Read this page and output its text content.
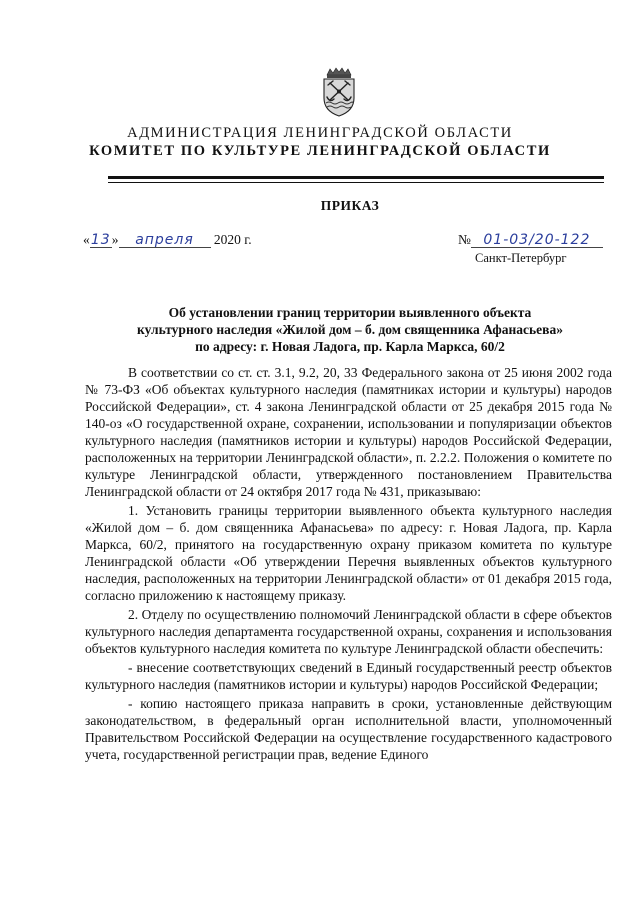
АДМИНИСТРАЦИЯ ЛЕНИНГРАДСКОЙ ОБЛАСТИ
КОМИТЕТ ПО КУЛЬТУРЕ ЛЕНИНГРАДСКОЙ ОБЛАСТИ
ПРИКАЗ
«13» апреля 2020 г.	№ 01-03/20-122
Санкт-Петербург
Об установлении границ территории выявленного объекта
культурного наследия «Жилой дом – б. дом священника Афанасьева»
по адресу: г. Новая Ладога, пр. Карла Маркса, 60/2

В соответствии со ст. ст. 3.1, 9.2, 20, 33 Федерального закона от 25 июня 2002 года № 73-ФЗ «Об объектах культурного наследия (памятниках истории и культуры) народов Российской Федерации», ст. 4 закона Ленинградской области от 25 декабря 2015 года № 140-оз «О государственной охране, сохранении, использовании и популяризации объектов культурного наследия (памятников истории и культуры) народов Российской Федерации, расположенных на территории Ленинградской области», п. 2.2.2. Положения о комитете по культуре Ленинградской области, утвержденного постановлением Правительства Ленинградской области от 24 октября 2017 года № 431, приказываю:

1. Установить границы территории выявленного объекта культурного наследия «Жилой дом – б. дом священника Афанасьева» по адресу: г. Новая Ладога, пр. Карла Маркса, 60/2, принятого на государственную охрану приказом комитета по культуре Ленинградской области «Об утверждении Перечня выявленных объектов культурного наследия, расположенных на территории Ленинградской области» от 01 декабря 2015 года, согласно приложению к настоящему приказу.

2. Отделу по осуществлению полномочий Ленинградской области в сфере объектов культурного наследия департамента государственной охраны, сохранения и использования объектов культурного наследия комитета по культуре Ленинградской области обеспечить:

- внесение соответствующих сведений в Единый государственный реестр объектов культурного наследия (памятников истории и культуры) народов Российской Федерации;

- копию настоящего приказа направить в сроки, установленные действующим законодательством, в федеральный орган исполнительной власти, уполномоченный Правительством Российской Федерации на осуществление государственного кадастрового учета, государственной регистрации прав, ведение Единого
